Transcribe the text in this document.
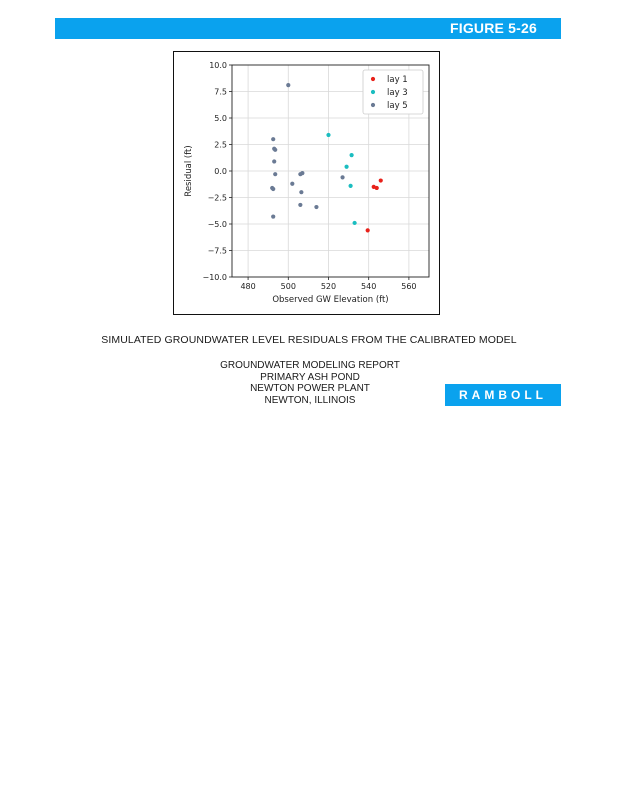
FIGURE 5-26
480	500	520	540	560
−10.0
−7.5
−5.0
−2.5
0.0
2.5
5.0
7.5
10.0
Observed GW Elevation (ft)
Residual (ft)
lay 1
lay 3
lay 5
SIMULATED GROUNDWATER LEVEL RESIDUALS FROM THE CALIBRATED MODEL
GROUNDWATER MODELING REPORT
PRIMARY ASH POND
NEWTON POWER PLANT
NEWTON, ILLINOIS	RAMBOLL
